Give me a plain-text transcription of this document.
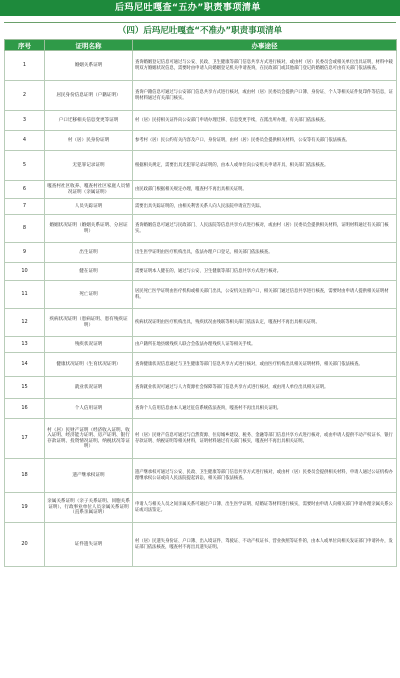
后玛尼吐嘎查“五办”职责事项清单
（四）后玛尼吐嘎查“不准办”职责事项清单
序号	证明名称	办事途径
1	婚姻关系证明	查询婚姻登记信息可通过与公安、民政、卫生健康等部门信息共享方式进行核对，或由村（居）民委员会或相关单位出具证明，材料中载明双方婚姻状况信息，需要时由申请人向婚姻登记机关申请查询，在民政部门或其他部门登记的婚姻信息可由有关部门依法核查。
2	居民身份信息证明（户籍证明）	查询户籍信息可通过与公安部门信息共享方式进行核对，或由村（居）民委员会提供户口簿、身份证、个人等相关证件复印件等信息，证明材料通过有关部门核实。
3	户口迁移相关信息变更等证明	村（居）民持相关证件向公安部门申请办理迁移、信息变更手续，在派出所办理，有关部门依法核查。
4	村（居）民身份证明	参考村（居）民公约有关内容及户口、身份证明，由村（居）民委员会提供相关材料，公安等有关部门依法核查。
5	无犯罪记录证明	根据相关规定，需要出具无犯罪记录证明的，由本人或单位向公安机关申请开具，相关部门依法核查。
6	嘎查村社区收养、嘎查村社区家庭人员情况证明（亲属证明）	由民政部门根据相关规定办理，嘎查村不再出具相关证明。
7	人员失踪证明	需要出具失踪证明的，由相关利害关系人向人民法院申请宣告失踪。
8	婚姻状况证明（婚姻关系证明、分居证明）	查询婚姻信息可通过与民政部门、人民法院等信息共享方式进行核对，或由村（居）民委员会提供相关材料，证明材料通过有关部门核实。
9	出生证明	出生医学证明由医疗机构出具，依法办理户口登记，相关部门依法核查。
10	健在证明	需要证明本人健在的，通过与公安、卫生健康等部门信息共享方式进行核对。
11	死亡证明	居民死亡医学证明由医疗机构或相关部门出具，公安机关注销户口，相关部门通过信息共享进行核查，需要时由申请人提供相关证明材料。
12	疾病状况证明（患病证明、患有残疾证明）	疾病状况证明由医疗机构出具，残疾状况由残联等相关部门依法认定，嘎查村不再出具相关证明。
13	残疾状况证明	由户籍所在地县级残疾人联合会依法办理残疾人证等相关手续。
14	健康状况证明（生育状况证明）	查询健康状况信息通过与卫生健康等部门信息共享方式进行核对，或由医疗机构出具相关证明材料，相关部门依法核查。
15	就业状况证明	查询就业状况可通过与人力资源社会保障等部门信息共享方式进行核对，或由用人单位出具相关证明。
16	个人信用证明	查询个人信用信息由本人通过征信系统依法查询，嘎查村不再出具相关证明。
17	村（居）民财产证明（经济收入证明、收入证明、经济能力证明、房产证明、银行存款证明、投资情况证明、纳税状况等证明）	村（居）民财产信息可通过与自然资源、住房城乡建设、税务、金融等部门信息共享方式进行核对，或由申请人提供不动产权证书、银行存款证明、纳税证明等相关材料，证明材料通过有关部门核实，嘎查村不再出具相关证明。
18	遗产继承权证明	遗产继承权可通过与公安、民政、卫生健康等部门信息共享方式进行核对，或由村（居）民委员会提供相关材料，申请人通过公证机构办理继承权公证或向人民法院提起诉讼，相关部门依法核查。
19	亲属关系证明（亲子关系证明、同胞关系证明）、行政事业单位人员亲属关系证明（直系亲属证明）	申请人与相关人员之间亲属关系可通过户口簿、出生医学证明、结婚证等材料进行核实，需要时由申请人向相关部门申请办理亲属关系公证或司法鉴定。
20	证件遗失证明	村（居）民遗失身份证、户口簿、出入境证件、驾驶证、不动产权证书、营业执照等证件的，由本人或单位向相关发证部门申请补办，发证部门依法核查，嘎查村不再出具遗失证明。
